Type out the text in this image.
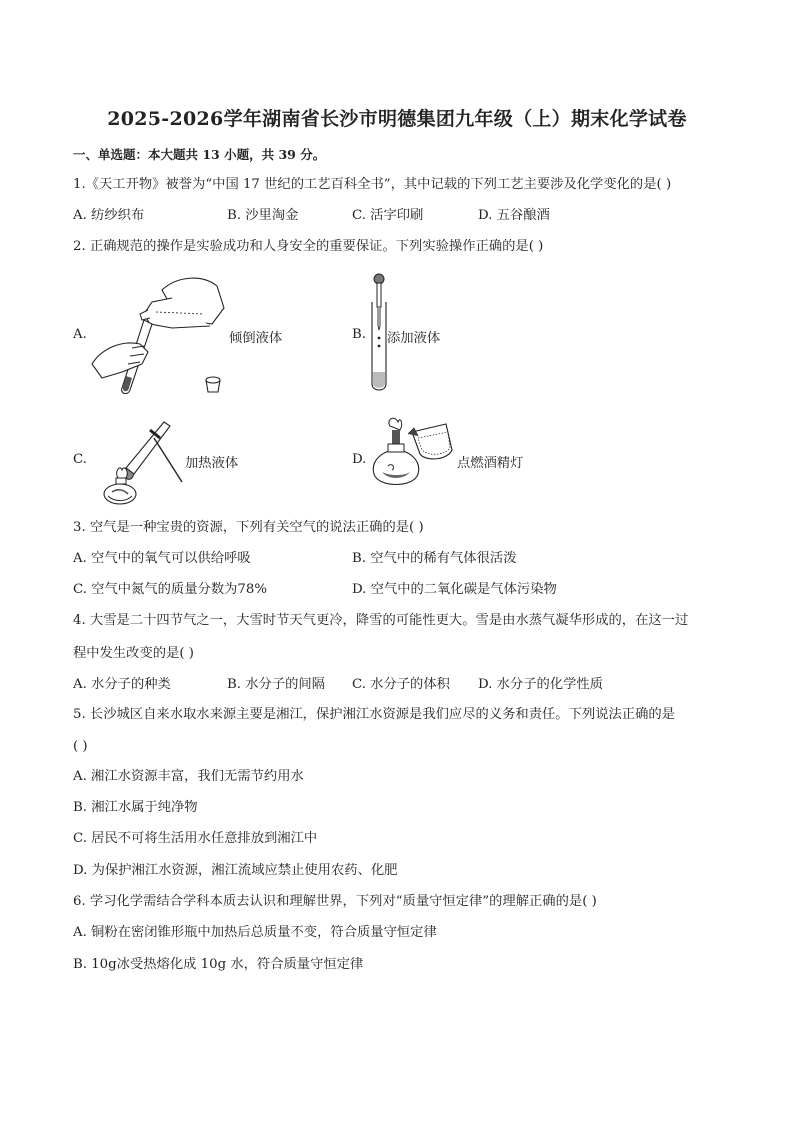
2025-2026学年湖南省长沙市明德集团九年级（上）期末化学试卷
一、单选题：本大题共 13 小题，共 39 分。
1.《天工开物》被誉为“中国 17 世纪的工艺百科全书”，其中记载的下列工艺主要涉及化学变化的是( )
A. 纺纱织布	B. 沙里淘金	C. 活字印刷	D. 五谷酿酒
2. 正确规范的操作是实验成功和人身安全的重要保证。下列实验操作正确的是( )
A.	倾倒液体	B. 添加液体
C.	加热液体	D.	点燃酒精灯
3. 空气是一种宝贵的资源，下列有关空气的说法正确的是( )
A. 空气中的氧气可以供给呼吸	B. 空气中的稀有气体很活泼
C. 空气中氮气的质量分数为78%	D. 空气中的二氧化碳是气体污染物
4. 大雪是二十四节气之一，大雪时节天气更冷，降雪的可能性更大。雪是由水蒸气凝华形成的，在这一过
程中发生改变的是( )
A. 水分子的种类	B. 水分子的间隔 C. 水分子的体积 D. 水分子的化学性质
5. 长沙城区自来水取水来源主要是湘江，保护湘江水资源是我们应尽的义务和责任。下列说法正确的是
( )
A. 湘江水资源丰富，我们无需节约用水
B. 湘江水属于纯净物
C. 居民不可将生活用水任意排放到湘江中
D. 为保护湘江水资源，湘江流域应禁止使用农药、化肥
6. 学习化学需结合学科本质去认识和理解世界，下列对“质量守恒定律”的理解正确的是( )
A. 铜粉在密闭锥形瓶中加热后总质量不变，符合质量守恒定律
B. 10g冰受热熔化成 10g 水，符合质量守恒定律
